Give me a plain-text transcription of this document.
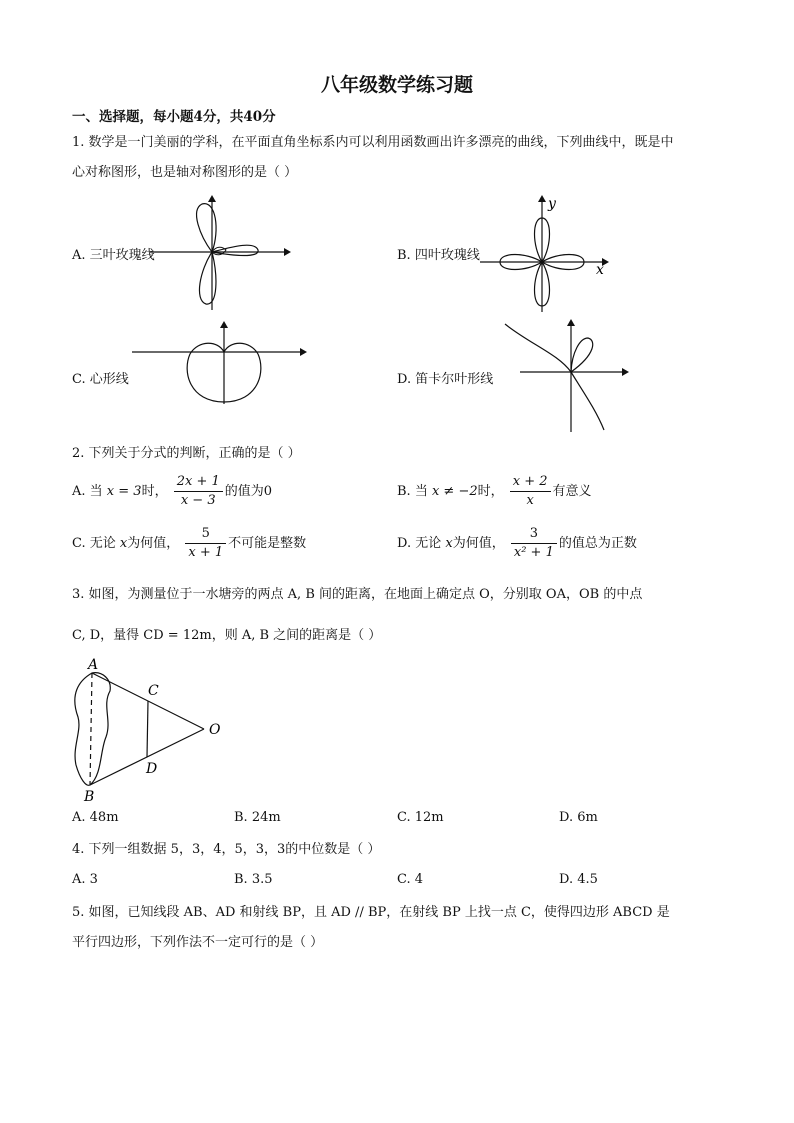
八年级数学练习题
一、选择题，每小题4分，共40分
1. 数学是一门美丽的学科，在平面直角坐标系内可以利用函数画出许多漂亮的曲线，下列曲线中，既是中
心对称图形，也是轴对称图形的是（ ）
A. 三叶玫瑰线	B. 四叶玫瑰线
y
x
C. 心形线	D. 笛卡尔叶形线
2. 下列关于分式的判断，正确的是（ ）
A. 当 x = 3时， $\frac{2x + 1}{x - 3}$ 的值为0	B. 当 x ≠ −2时， $\frac{x + 2}{x}$ 有意义
C. 无论 x为何值， $\frac{5}{x + 1}$ 不可能是整数	D. 无论 x为何值， $\frac{3}{\text{x² + 1}}$ 的值总为正数
3. 如图，为测量位于一水塘旁的两点 A, B 间的距离，在地面上确定点 O，分别取 OA，OB 的中点
C, D，量得 CD = 12m，则 A, B 之间的距离是（ ）
A
B
C
D
O
A. 48m	B. 24m	C. 12m	D. 6m
4. 下列一组数据 5，3，4，5，3，3的中位数是（ ）
A. 3	B. 3.5	C. 4	D. 4.5
5. 如图，已知线段 AB、AD 和射线 BP，且 AD // BP，在射线 BP 上找一点 C，使得四边形 ABCD 是
平行四边形，下列作法不一定可行的是（ ）
